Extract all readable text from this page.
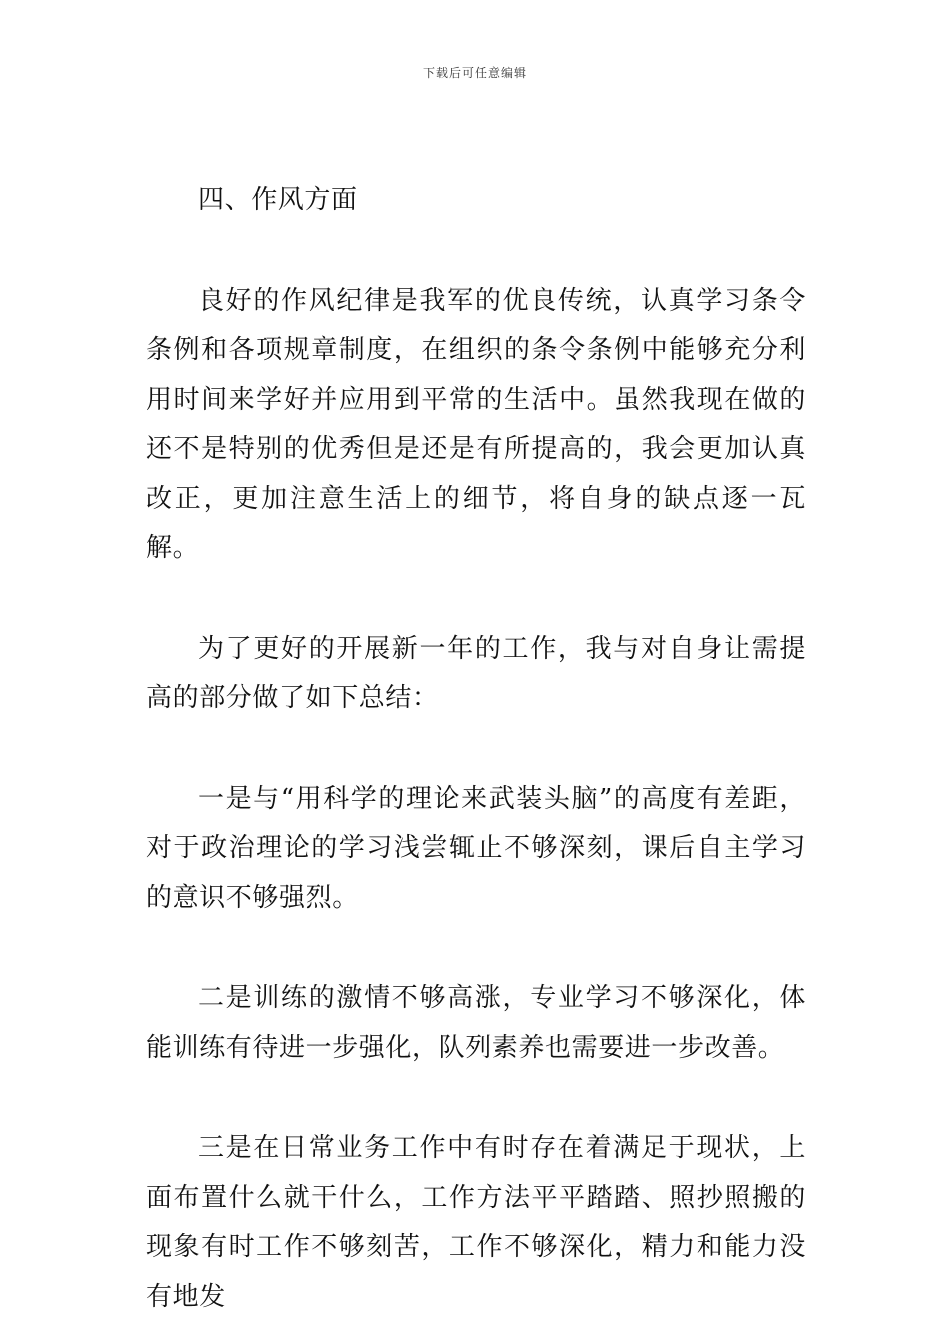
下载后可任意编辑

四、作风方面

良好的作风纪律是我军的优良传统，认真学习条令条例和各项规章制度，在组织的条令条例中能够充分利用时间来学好并应用到平常的生活中。虽然我现在做的还不是特别的优秀但是还是有所提高的，我会更加认真改正，更加注意生活上的细节，将自身的缺点逐一瓦解。

为了更好的开展新一年的工作，我与对自身让需提高的部分做了如下总结：

一是与“用科学的理论来武装头脑”的高度有差距，对于政治理论的学习浅尝辄止不够深刻，课后自主学习的意识不够强烈。

二是训练的激情不够高涨，专业学习不够深化，体能训练有待进一步强化，队列素养也需要进一步改善。

三是在日常业务工作中有时存在着满足于现状，上面布置什么就干什么，工作方法平平踏踏、照抄照搬的现象有时工作不够刻苦，工作不够深化，精力和能力没有地发
